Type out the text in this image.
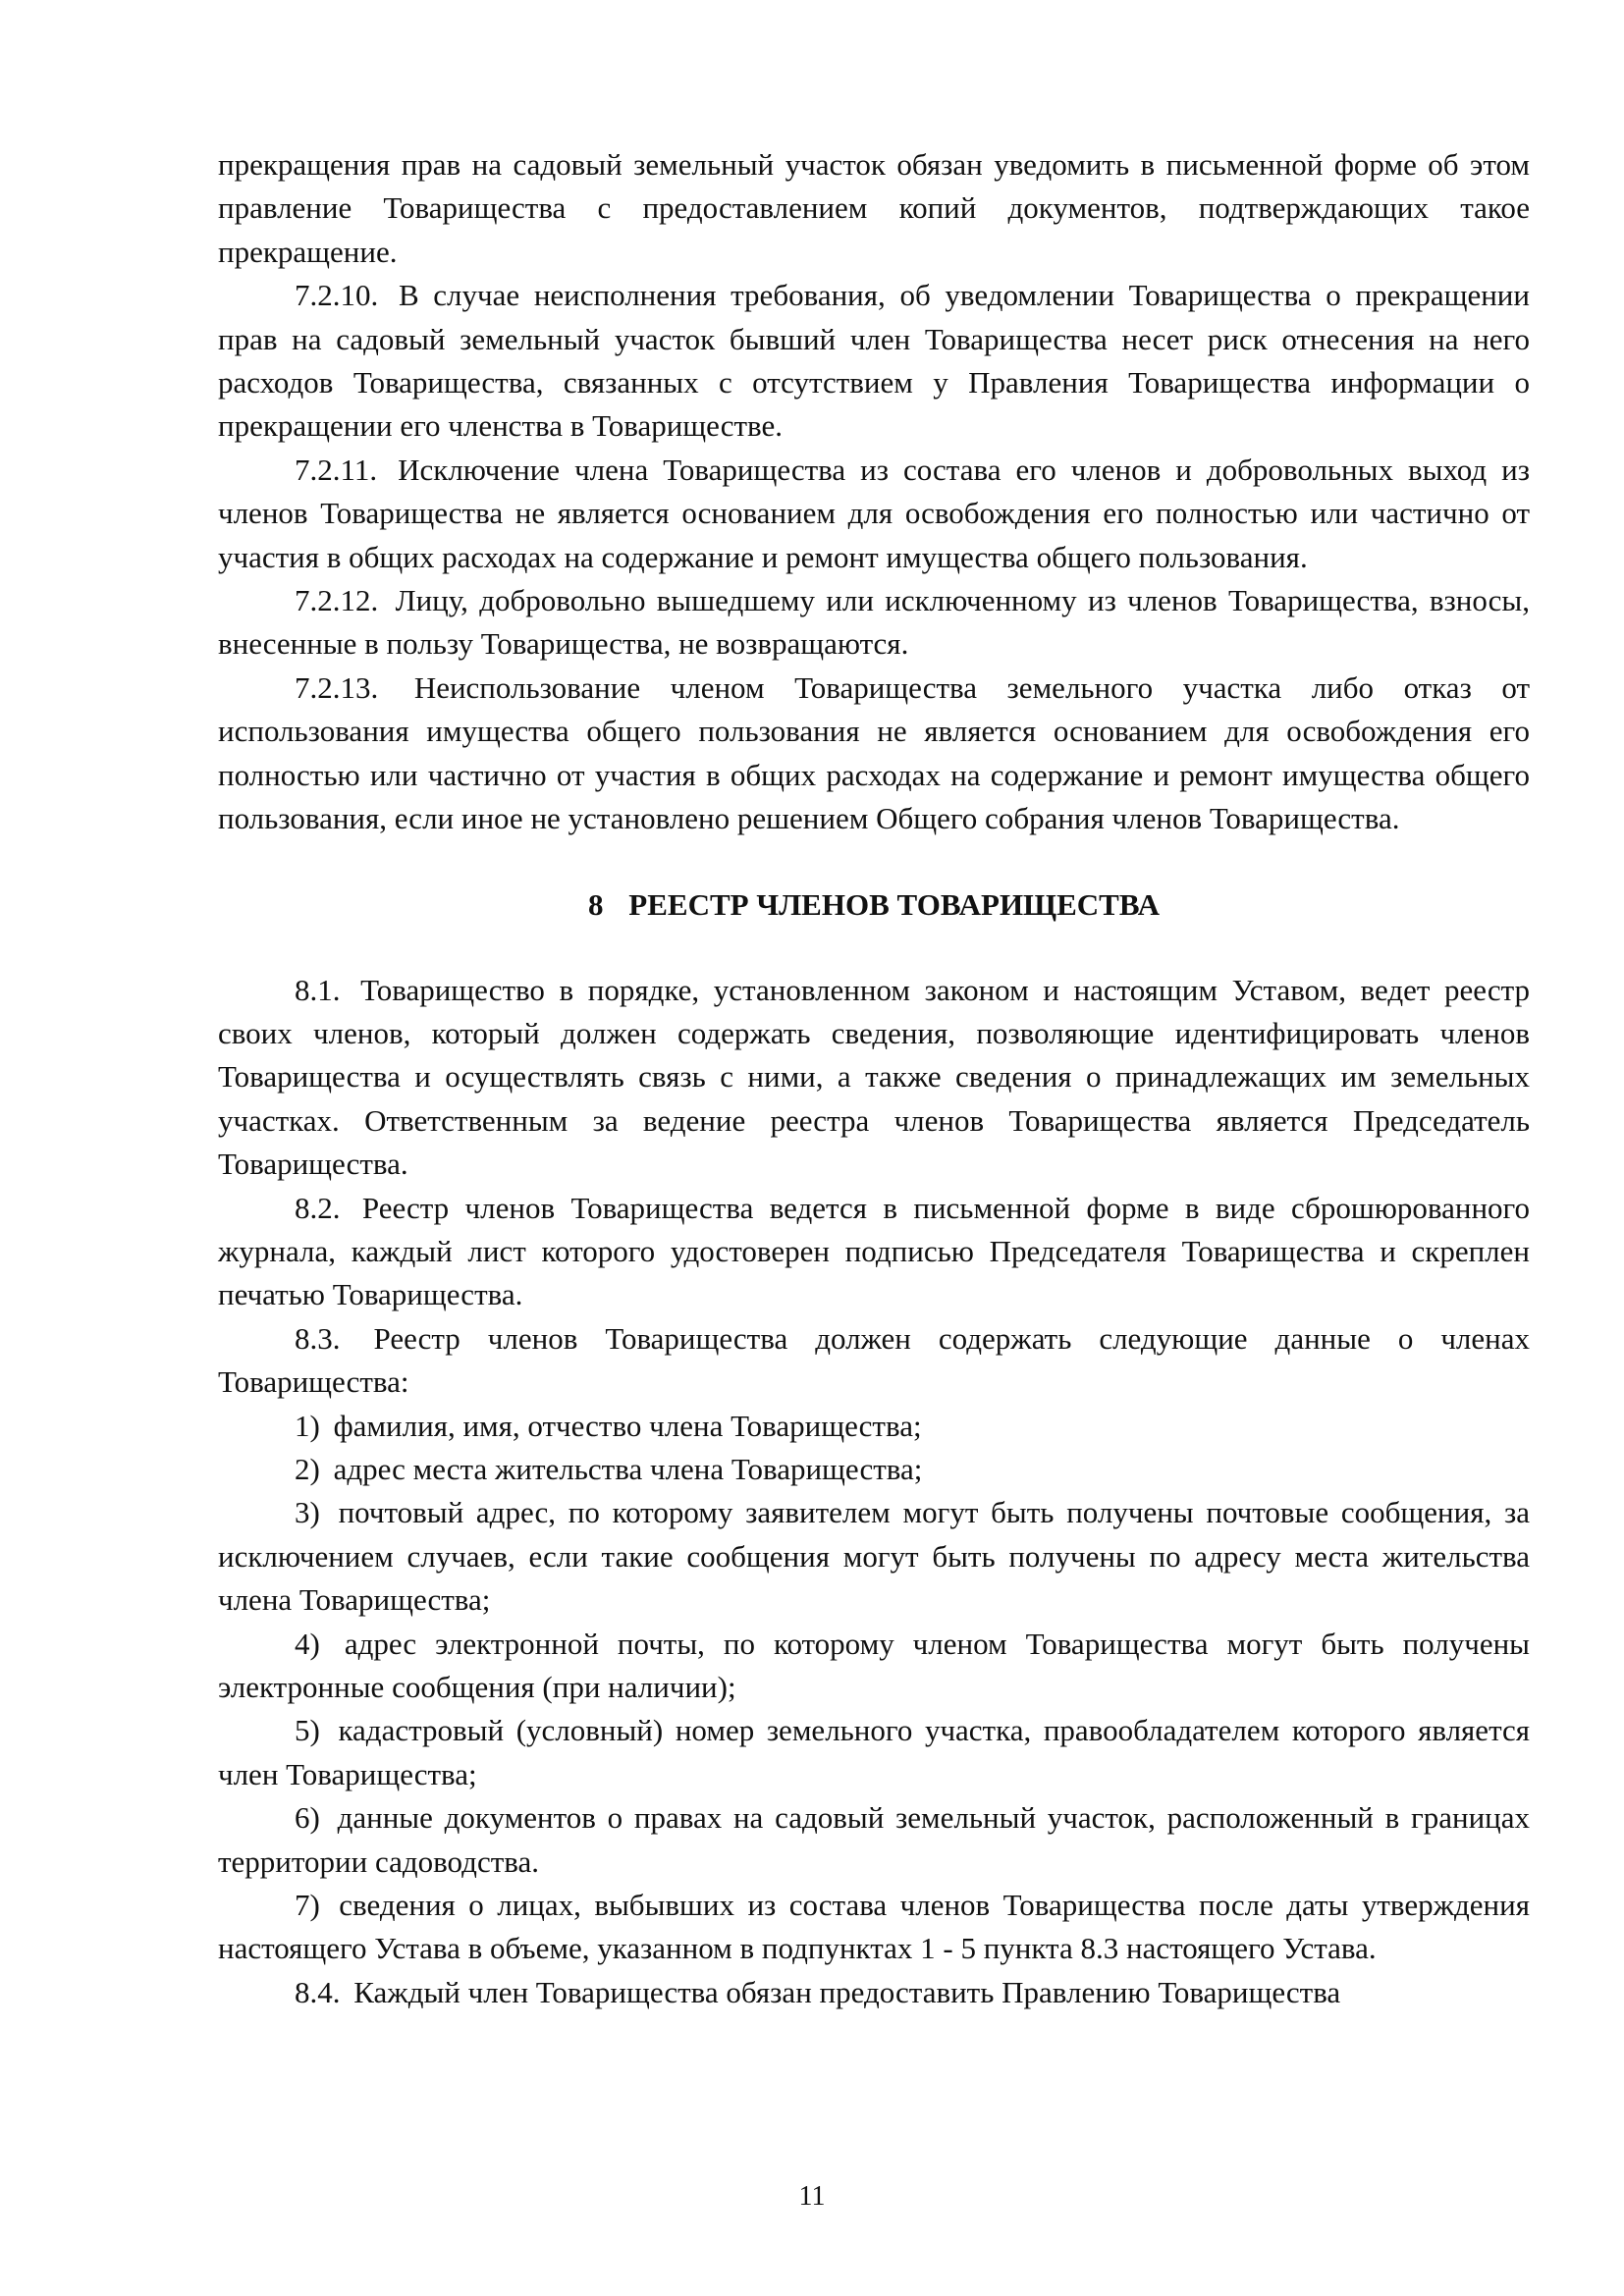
прекращения прав на садовый земельный участок обязан уведомить в письменной форме об этом правление Товарищества с предоставлением копий документов, подтверждающих такое прекращение.

7.2.10. В случае неисполнения требования, об уведомлении Товарищества о прекращении прав на садовый земельный участок бывший член Товарищества несет риск отнесения на него расходов Товарищества, связанных с отсутствием у Правления Товарищества информации о прекращении его членства в Товариществе.

7.2.11. Исключение члена Товарищества из состава его членов и добровольных выход из членов Товарищества не является основанием для освобождения его полностью или частично от участия в общих расходах на содержание и ремонт имущества общего пользования.

7.2.12. Лицу, добровольно вышедшему или исключенному из членов Товарищества, взносы, внесенные в пользу Товарищества, не возвращаются.

7.2.13. Неиспользование членом Товарищества земельного участка либо отказ от использования имущества общего пользования не является основанием для освобождения его полностью или частично от участия в общих расходах на содержание и ремонт имущества общего пользования, если иное не установлено решением Общего собрания членов Товарищества.

8 РЕЕСТР ЧЛЕНОВ ТОВАРИЩЕСТВА

8.1. Товарищество в порядке, установленном законом и настоящим Уставом, ведет реестр своих членов, который должен содержать сведения, позволяющие идентифицировать членов Товарищества и осуществлять связь с ними, а также сведения о принадлежащих им земельных участках. Ответственным за ведение реестра членов Товарищества является Председатель Товарищества.

8.2. Реестр членов Товарищества ведется в письменной форме в виде сброшюрованного журнала, каждый лист которого удостоверен подписью Председателя Товарищества и скреплен печатью Товарищества.

8.3. Реестр членов Товарищества должен содержать следующие данные о членах Товарищества:

1) фамилия, имя, отчество члена Товарищества;

2) адрес места жительства члена Товарищества;

3) почтовый адрес, по которому заявителем могут быть получены почтовые сообщения, за исключением случаев, если такие сообщения могут быть получены по адресу места жительства члена Товарищества;

4) адрес электронной почты, по которому членом Товарищества могут быть получены электронные сообщения (при наличии);

5) кадастровый (условный) номер земельного участка, правообладателем которого является член Товарищества;

6) данные документов о правах на садовый земельный участок, расположенный в границах территории садоводства.

7) сведения о лицах, выбывших из состава членов Товарищества после даты утверждения настоящего Устава в объеме, указанном в подпунктах 1 - 5 пункта 8.3 настоящего Устава.

8.4. Каждый член Товарищества обязан предоставить Правлению Товарищества

11
